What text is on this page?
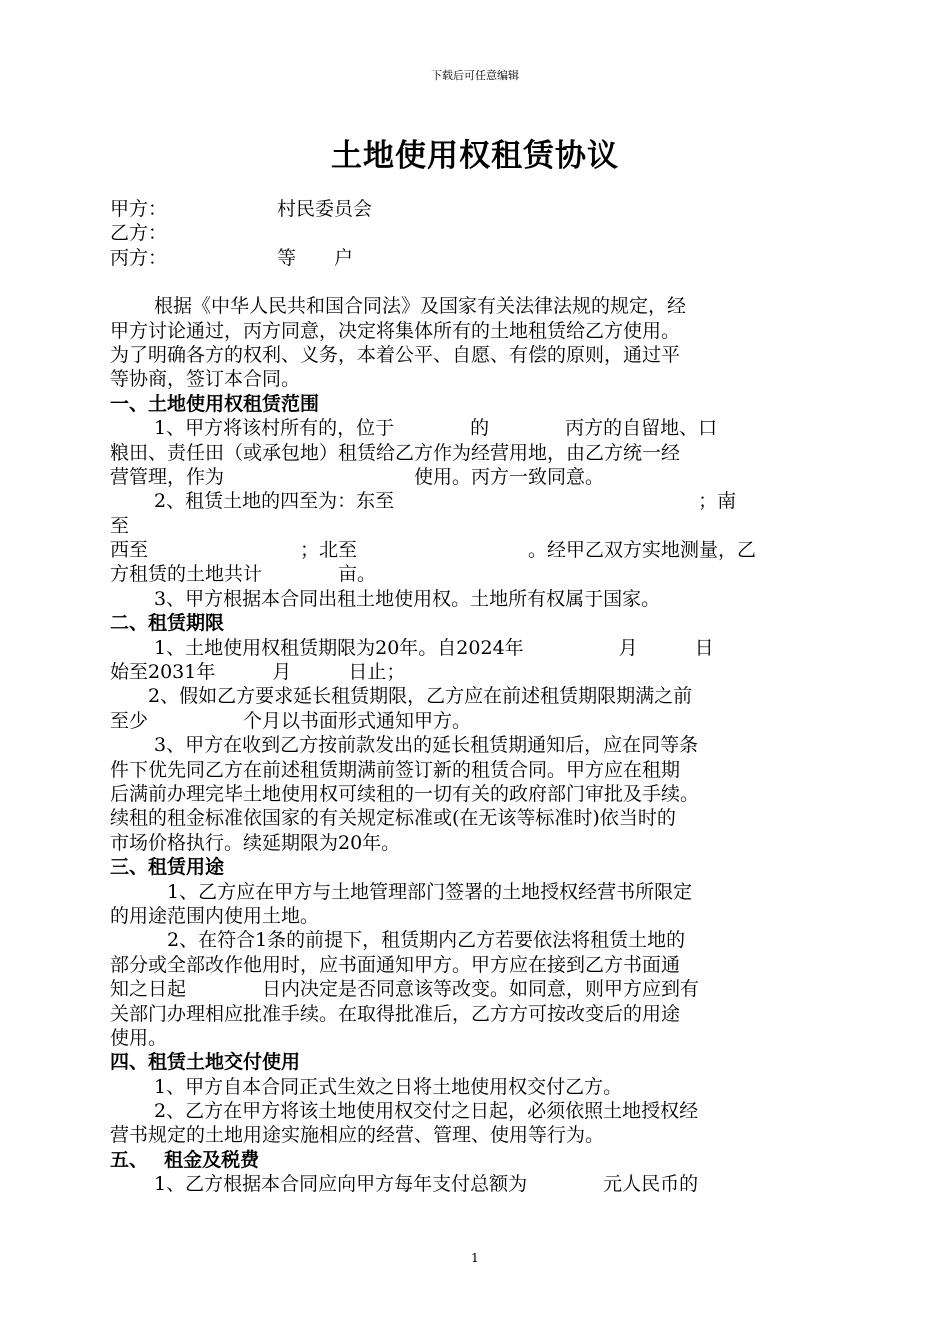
下载后可任意编辑
土地使用权租赁协议
甲方：	村民委员会
乙方：
丙方：	等　　户
　　 根据《中华人民共和国合同法》及国家有关法律法规的规定，经
甲方讨论通过，丙方同意，决定将集体所有的土地租赁给乙方使用。
为了明确各方的权利、义务，本着公平、自愿、有偿的原则，通过平
等协商，签订本合同。
一、土地使用权租赁范围
　　 1、甲方将该村所有的，位于　　　　的　　　　丙方的自留地、口
粮田、责任田（或承包地）租赁给乙方作为经营用地，由乙方统一经
营管理，作为　　　　　　　　　　使用。丙方一致同意。
　　 2、租赁土地的四至为：东至　　　　　　　　　　　　　　　　；南
至
西至　　　　　　　　；北至　　　　　　　　　。经甲乙双方实地测量，乙
方租赁的土地共计　　　　亩。
　　 3、甲方根据本合同出租土地使用权。土地所有权属于国家。
二、租赁期限
　　 1、土地使用权租赁期限为20年。自2024年　　　　　月　　　日
始至2031年　　　月　　　日止；
　　2、假如乙方要求延长租赁期限，乙方应在前述租赁期限期满之前
至少　　　　　个月以书面形式通知甲方。
　　 3、甲方在收到乙方按前款发出的延长租赁期通知后，应在同等条
件下优先同乙方在前述租赁期满前签订新的租赁合同。甲方应在租期
后满前办理完毕土地使用权可续租的一切有关的政府部门审批及手续。
续租的租金标准依国家的有关规定标准或(在无该等标准时)依当时的
市场价格执行。续延期限为20年。
三、租赁用途
　　　1、乙方应在甲方与土地管理部门签署的土地授权经营书所限定
的用途范围内使用土地。
　　　2、在符合1条的前提下，租赁期内乙方若要依法将租赁土地的
部分或全部改作他用时，应书面通知甲方。甲方应在接到乙方书面通
知之日起　　　　日内决定是否同意该等改变。如同意，则甲方应到有
关部门办理相应批准手续。在取得批准后，乙方方可按改变后的用途
使用。
四、租赁土地交付使用
　　 1、甲方自本合同正式生效之日将土地使用权交付乙方。
　　 2、乙方在甲方将该土地使用权交付之日起，必须依照土地授权经
营书规定的土地用途实施相应的经营、管理、使用等行为。
五、　 租金及税费
　　 1、乙方根据本合同应向甲方每年支付总额为　　　　元人民币的
1
